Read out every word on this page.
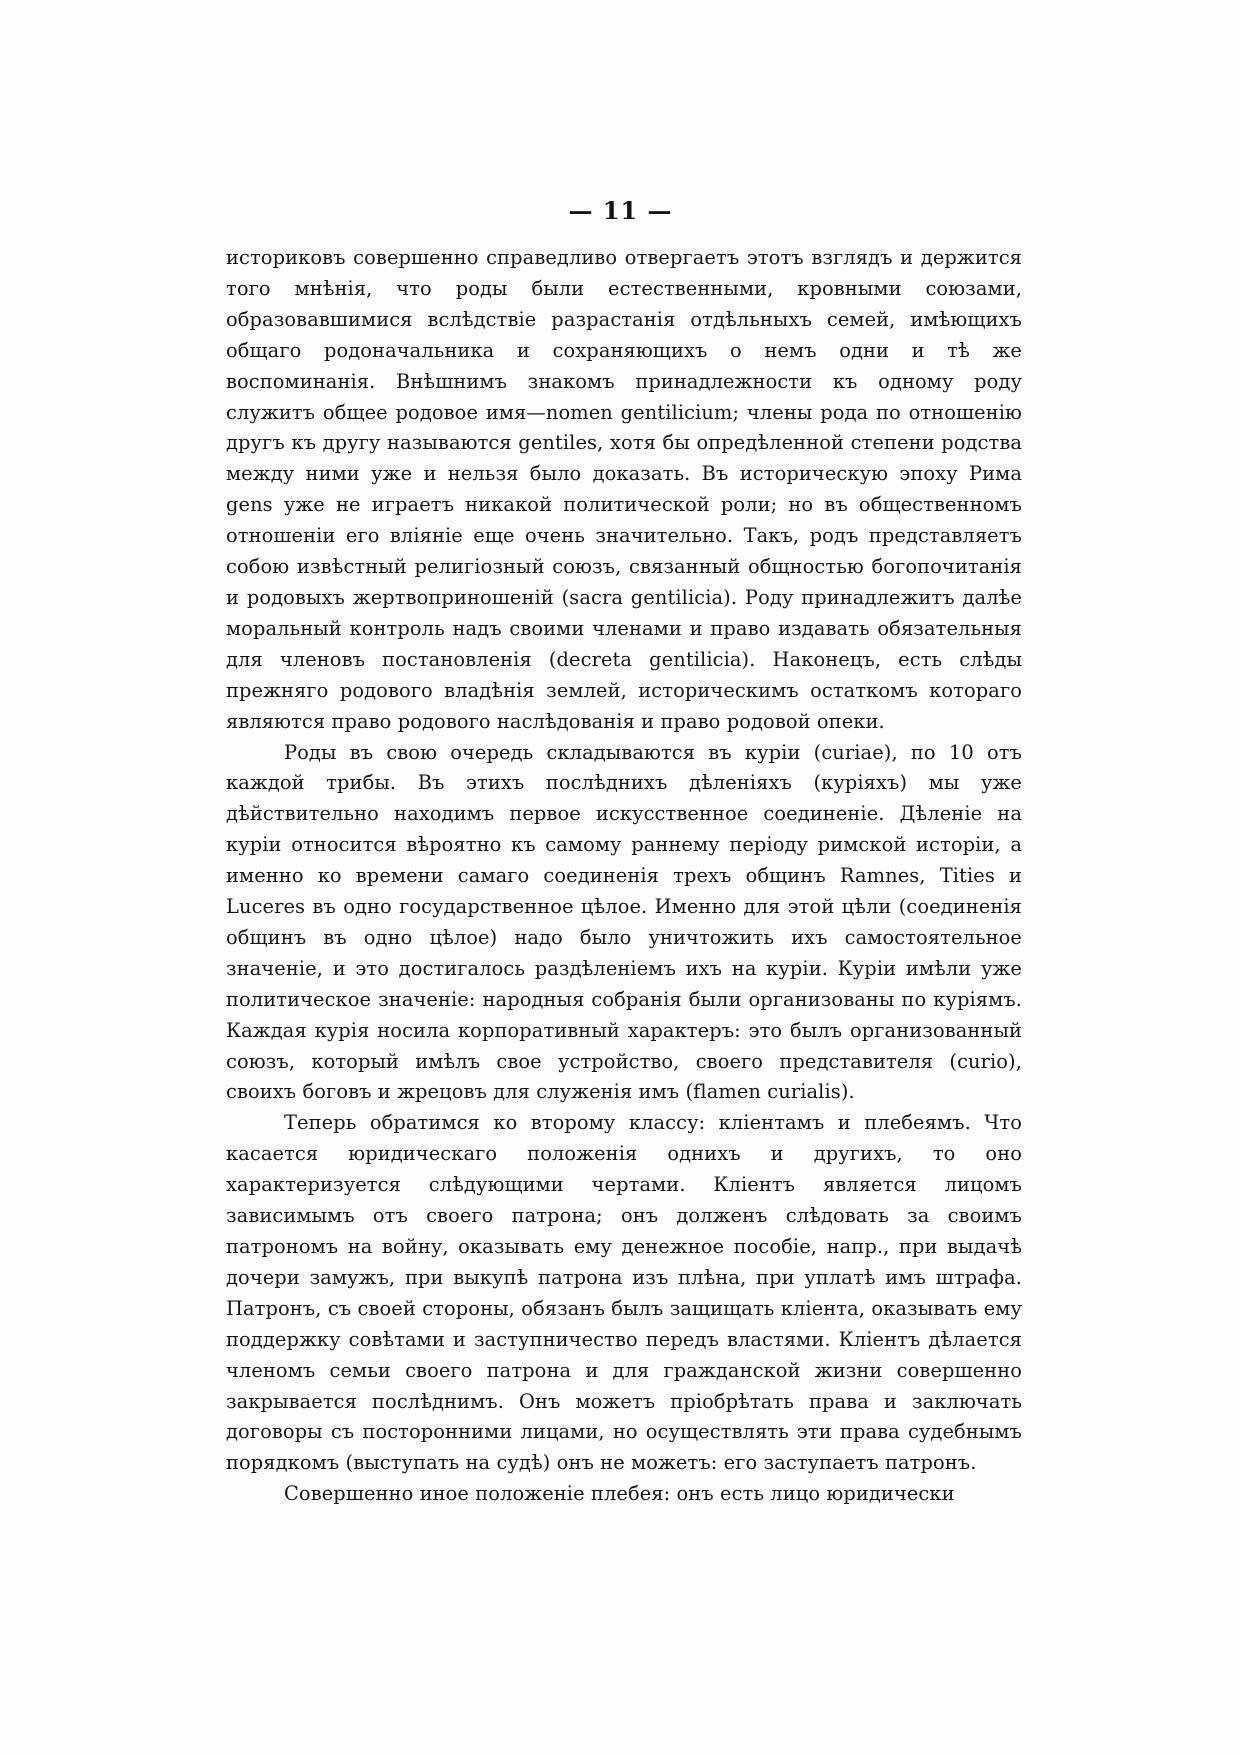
— 11 —

историковъ совершенно справедливо отвергаетъ этотъ взглядъ и держится того мнѣнія, что роды были естественными, кровными союзами, образовавшимися вслѣдствіе разрастанія отдѣльныхъ семей, имѣющихъ общаго родоначальника и сохраняющихъ о немъ одни и тѣ же воспоминанія. Внѣшнимъ знакомъ принадлежности къ одному роду служитъ общее родовое имя—nomen gentilicium; члены рода по отношенію другъ къ другу называются gentiles, хотя бы опредѣленной степени родства между ними уже и нельзя было доказать. Въ историческую эпоху Рима gens уже не играетъ никакой политической роли; но въ общественномъ отношеніи его вліяніе еще очень значительно. Такъ, родъ представляетъ собою извѣстный религіозный союзъ, связанный общностью богопочитанія и родовыхъ жертвоприношеній (sacra gentilicia). Роду принадлежитъ далѣе моральный контроль надъ своими членами и право издавать обязательныя для членовъ постановленія (decreta gentilicia). Наконецъ, есть слѣды прежняго родового владѣнія землей, историческимъ остаткомъ котораго являются право родового наслѣдованія и право родовой опеки.

Роды въ свою очередь складываются въ куріи (curiae), по 10 отъ каждой трибы. Въ этихъ послѣднихъ дѣленіяхъ (куріяхъ) мы уже дѣйствительно находимъ первое искусственное соединеніе. Дѣленіе на куріи относится вѣроятно къ самому раннему періоду римской исторіи, а именно ко времени самаго соединенія трехъ общинъ Ramnes, Tities и Luceres въ одно государственное цѣлое. Именно для этой цѣли (соединенія общинъ въ одно цѣлое) надо было уничтожить ихъ самостоятельное значеніе, и это достигалось раздѣленіемъ ихъ на куріи. Куріи имѣли уже политическое значеніе: народныя собранія были организованы по куріямъ. Каждая курія носила корпоративный характеръ: это былъ организованный союзъ, который имѣлъ свое устройство, своего представителя (curio), своихъ боговъ и жрецовъ для служенія имъ (flamen curialis).

Теперь обратимся ко второму классу: кліентамъ и плебеямъ. Что касается юридическаго положенія однихъ и другихъ, то оно характеризуется слѣдующими чертами. Кліентъ является лицомъ зависимымъ отъ своего патрона; онъ долженъ слѣдовать за своимъ патрономъ на войну, оказывать ему денежное пособіе, напр., при выдачѣ дочери замужъ, при выкупѣ патрона изъ плѣна, при уплатѣ имъ штрафа. Патронъ, съ своей стороны, обязанъ былъ защищать кліента, оказывать ему поддержку совѣтами и заступничество передъ властями. Кліентъ дѣлается членомъ семьи своего патрона и для гражданской жизни совершенно закрывается послѣднимъ. Онъ можетъ пріобрѣтать права и заключать договоры съ посторонними лицами, но осуществлять эти права судебнымъ порядкомъ (выступать на судѣ) онъ не можетъ: его заступаетъ патронъ.

Совершенно иное положеніе плебея: онъ есть лицо юридически
